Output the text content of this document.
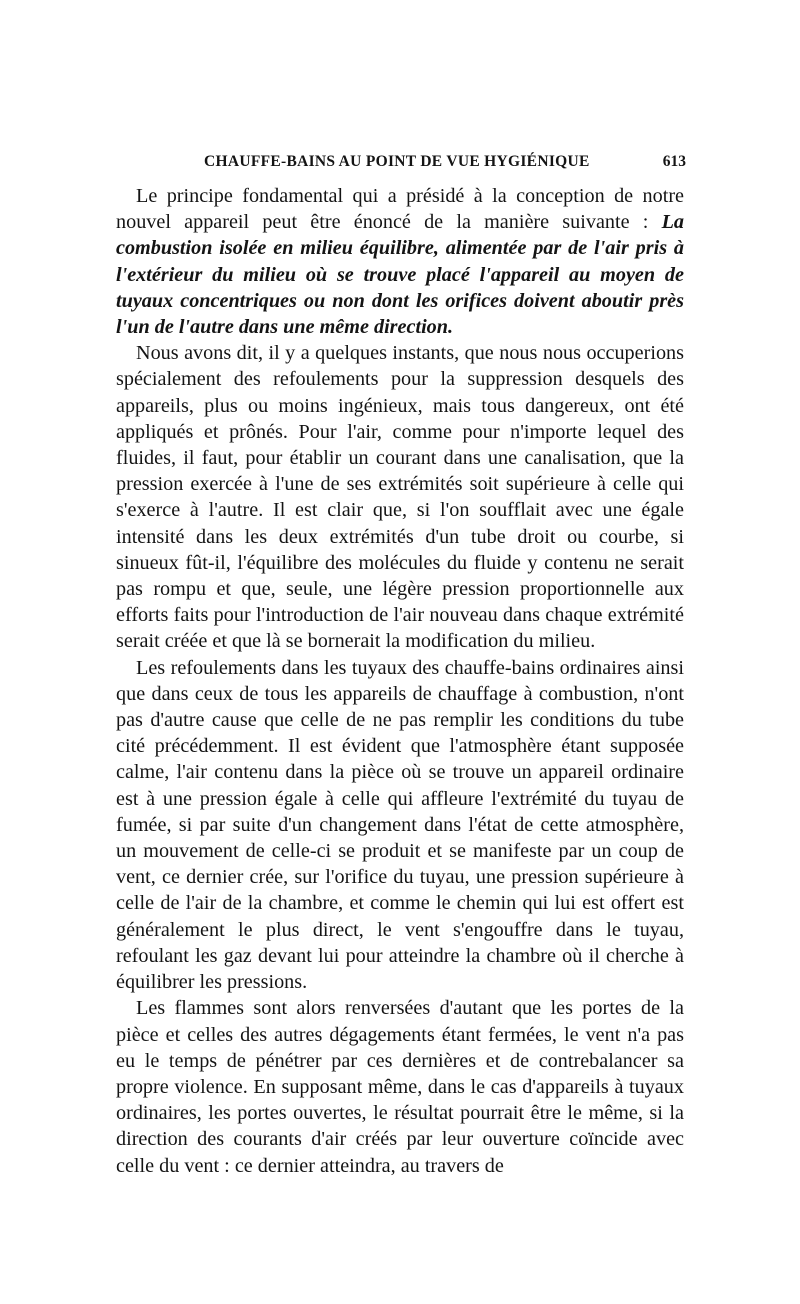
CHAUFFE-BAINS AU POINT DE VUE HYGIÉNIQUE	613

Le principe fondamental qui a présidé à la conception de notre nouvel appareil peut être énoncé de la manière suivante : La combustion isolée en milieu équilibre, alimentée par de l'air pris à l'extérieur du milieu où se trouve placé l'appareil au moyen de tuyaux concentriques ou non dont les orifices doivent aboutir près l'un de l'autre dans une même direction.

Nous avons dit, il y a quelques instants, que nous nous occuperions spécialement des refoulements pour la suppression desquels des appareils, plus ou moins ingénieux, mais tous dangereux, ont été appliqués et prônés. Pour l'air, comme pour n'importe lequel des fluides, il faut, pour établir un courant dans une canalisation, que la pression exercée à l'une de ses extrémités soit supérieure à celle qui s'exerce à l'autre. Il est clair que, si l'on soufflait avec une égale intensité dans les deux extrémités d'un tube droit ou courbe, si sinueux fût-il, l'équilibre des molécules du fluide y contenu ne serait pas rompu et que, seule, une légère pression proportionnelle aux efforts faits pour l'introduction de l'air nouveau dans chaque extrémité serait créée et que là se bornerait la modification du milieu.

Les refoulements dans les tuyaux des chauffe-bains ordinaires ainsi que dans ceux de tous les appareils de chauffage à combustion, n'ont pas d'autre cause que celle de ne pas remplir les conditions du tube cité précédemment. Il est évident que l'atmosphère étant supposée calme, l'air contenu dans la pièce où se trouve un appareil ordinaire est à une pression égale à celle qui affleure l'extrémité du tuyau de fumée, si par suite d'un changement dans l'état de cette atmosphère, un mouvement de celle-ci se produit et se manifeste par un coup de vent, ce dernier crée, sur l'orifice du tuyau, une pression supérieure à celle de l'air de la chambre, et comme le chemin qui lui est offert est généralement le plus direct, le vent s'engouffre dans le tuyau, refoulant les gaz devant lui pour atteindre la chambre où il cherche à équilibrer les pressions.

Les flammes sont alors renversées d'autant que les portes de la pièce et celles des autres dégagements étant fermées, le vent n'a pas eu le temps de pénétrer par ces dernières et de contrebalancer sa propre violence. En supposant même, dans le cas d'appareils à tuyaux ordinaires, les portes ouvertes, le résultat pourrait être le même, si la direction des courants d'air créés par leur ouverture coïncide avec celle du vent : ce dernier atteindra, au travers de
